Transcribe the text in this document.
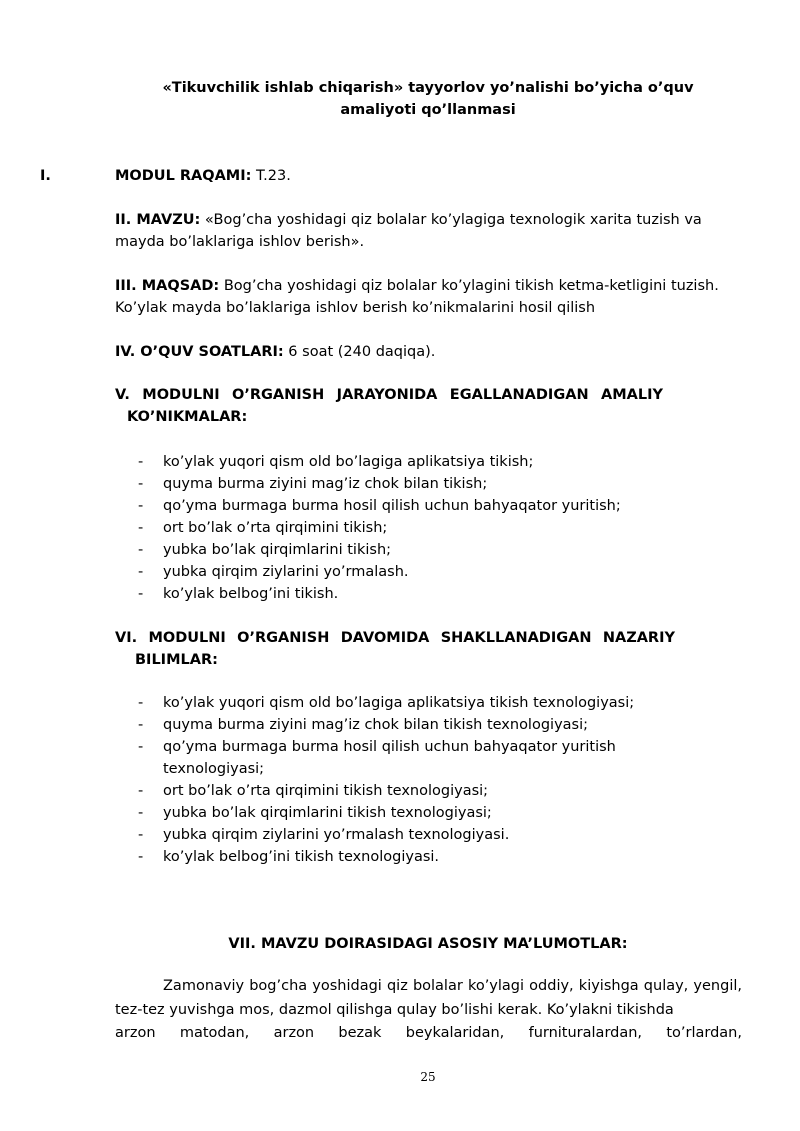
«Tikuvchilik ishlab chiqarish» tayyorlov yo’nalishi bo’yicha o’quv
amaliyoti qo’llanmasi
I.	MODUL RAQAMI: T.23.
II. MAVZU: «Bog’cha yoshidagi qiz bolalar ko’ylagiga texnologik xarita tuzish va
mayda bo’laklariga ishlov berish».
III. MAQSAD: Bog’cha yoshidagi qiz bolalar ko’ylagini tikish ketma-ketligini tuzish.
Ko’ylak mayda bo’laklariga ishlov berish ko’nikmalarini hosil qilish
IV. O’QUV SOATLARI: 6 soat (240 daqiqa).
V. MODULNI O’RGANISH JARAYONIDA EGALLANADIGAN AMALIY
KO’NIKMALAR:
- ko’ylak yuqori qism old bo’lagiga aplikatsiya tikish;
- quyma burma ziyini mag’iz chok bilan tikish;
- qo’yma burmaga burma hosil qilish uchun bahyaqator yuritish;
- ort bo’lak o’rta qirqimini tikish;
- yubka bo’lak qirqimlarini tikish;
- yubka qirqim ziylarini yo’rmalash.
- ko’ylak belbog’ini tikish.
VI. MODULNI O’RGANISH DAVOMIDA SHAKLLANADIGAN NAZARIY
BILIMLAR:
- ko’ylak yuqori qism old bo’lagiga aplikatsiya tikish texnologiyasi;
- quyma burma ziyini mag’iz chok bilan tikish texnologiyasi;
- qo’yma burmaga burma hosil qilish uchun bahyaqator yuritish texnologiyasi;
- ort bo’lak o’rta qirqimini tikish texnologiyasi;
- yubka bo’lak qirqimlarini tikish texnologiyasi;
- yubka qirqim ziylarini yo’rmalash texnologiyasi.
- ko’ylak belbog’ini tikish texnologiyasi.
VII. MAVZU DOIRASIDAGI ASOSIY MA’LUMOTLAR:
Zamonaviy bog’cha yoshidagi qiz bolalar ko’ylagi oddiy, kiyishga qulay, yengil, tez-tez yuvishga mos, dazmol qilishga qulay bo’lishi kerak. Ko’ylakni tikishda
arzon matodan, arzon bezak beykalaridan, furnituralardan, to’rlardan,
25
